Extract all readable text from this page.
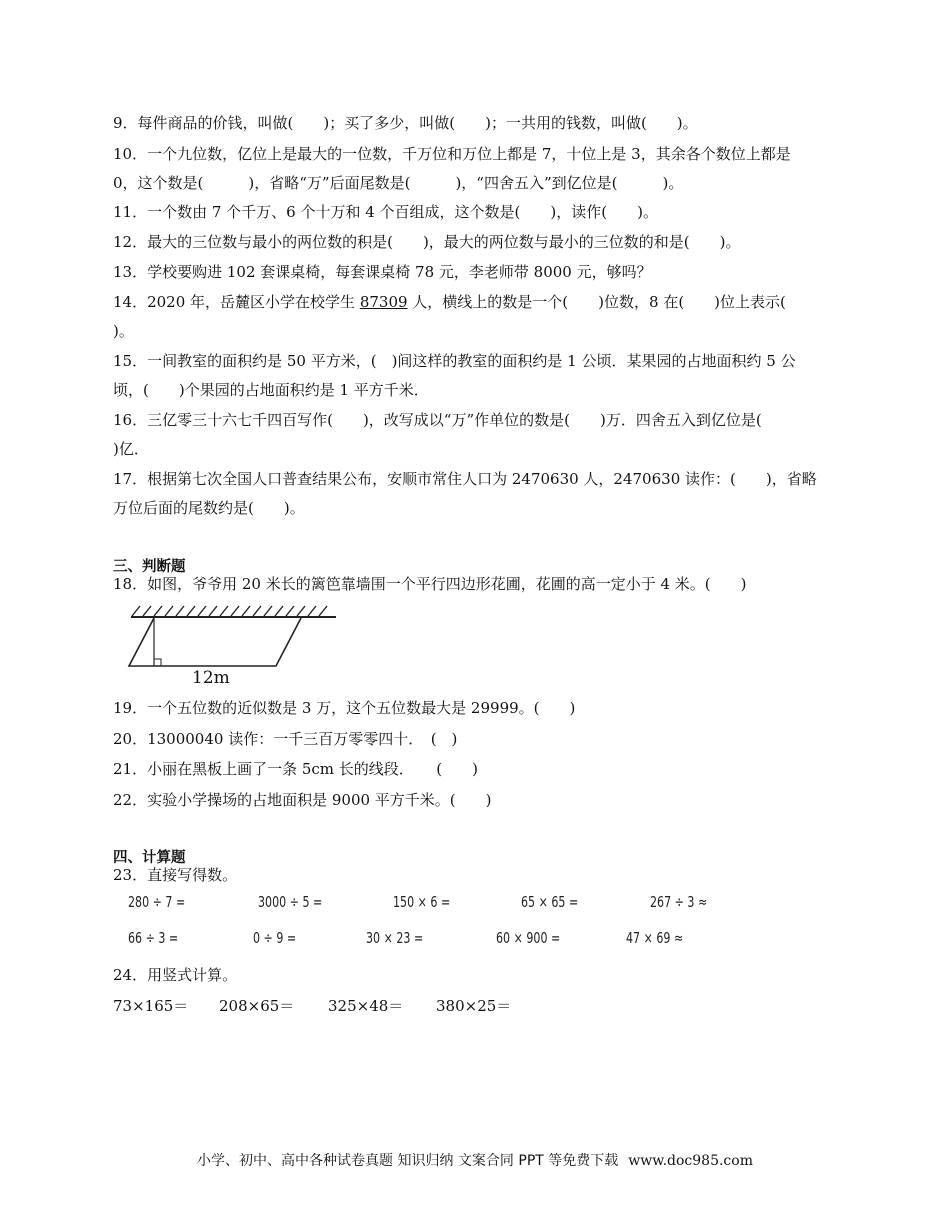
9．每件商品的价钱，叫做(　　)；买了多少，叫做(　　)；一共用的钱数，叫做(　　)。
10．一个九位数，亿位上是最大的一位数，千万位和万位上都是 7，十位上是 3，其余各个数位上都是
0，这个数是(　　　)，省略“万”后面尾数是(　　　)，“四舍五入”到亿位是(　　　)。
11．一个数由 7 个千万、6 个十万和 4 个百组成，这个数是(　　)，读作(　　)。
12．最大的三位数与最小的两位数的积是(　　)，最大的两位数与最小的三位数的和是(　　)。
13．学校要购进 102 套课桌椅，每套课桌椅 78 元，李老师带 8000 元，够吗？
14．2020 年，岳麓区小学在校学生 87309 人，横线上的数是一个(　　)位数，8 在(　　)位上表示(
)。
15．一间教室的面积约是 50 平方米，(　)间这样的教室的面积约是 1 公顷．某果园的占地面积约 5 公
顷，(　　)个果园的占地面积约是 1 平方千米．
16．三亿零三十六七千四百写作(　　)，改写成以“万”作单位的数是(　　)万．四舍五入到亿位是(
)亿．
17．根据第七次全国人口普查结果公布，安顺市常住人口为 2470630 人，2470630 读作：(　　)，省略
万位后面的尾数约是(　　)。
三、判断题
18．如图，爷爷用 20 米长的篱笆靠墙围一个平行四边形花圃，花圃的高一定小于 4 米。(　　)
12m
19．一个五位数的近似数是 3 万，这个五位数最大是 29999。(　　)
20．13000040 读作：一千三百万零零四十．　(　)
21．小丽在黑板上画了一条 5cm 长的线段．　　(　　)
22．实验小学操场的占地面积是 9000 平方千米。(　　)
四、计算题
23．直接写得数。
280 ÷ 7 =	3000 ÷ 5 =	150 × 6 =	65 × 65 =	267 ÷ 3 ≈
66 ÷ 3 =	0 ÷ 9 =	30 × 23 =	60 × 900 =	47 × 69 ≈
24．用竖式计算。
73×165＝ 208×65＝ 325×48＝ 380×25＝
小学、初中、高中各种试卷真题 知识归纳 文案合同 PPT 等免费下载 www.doc985.com
